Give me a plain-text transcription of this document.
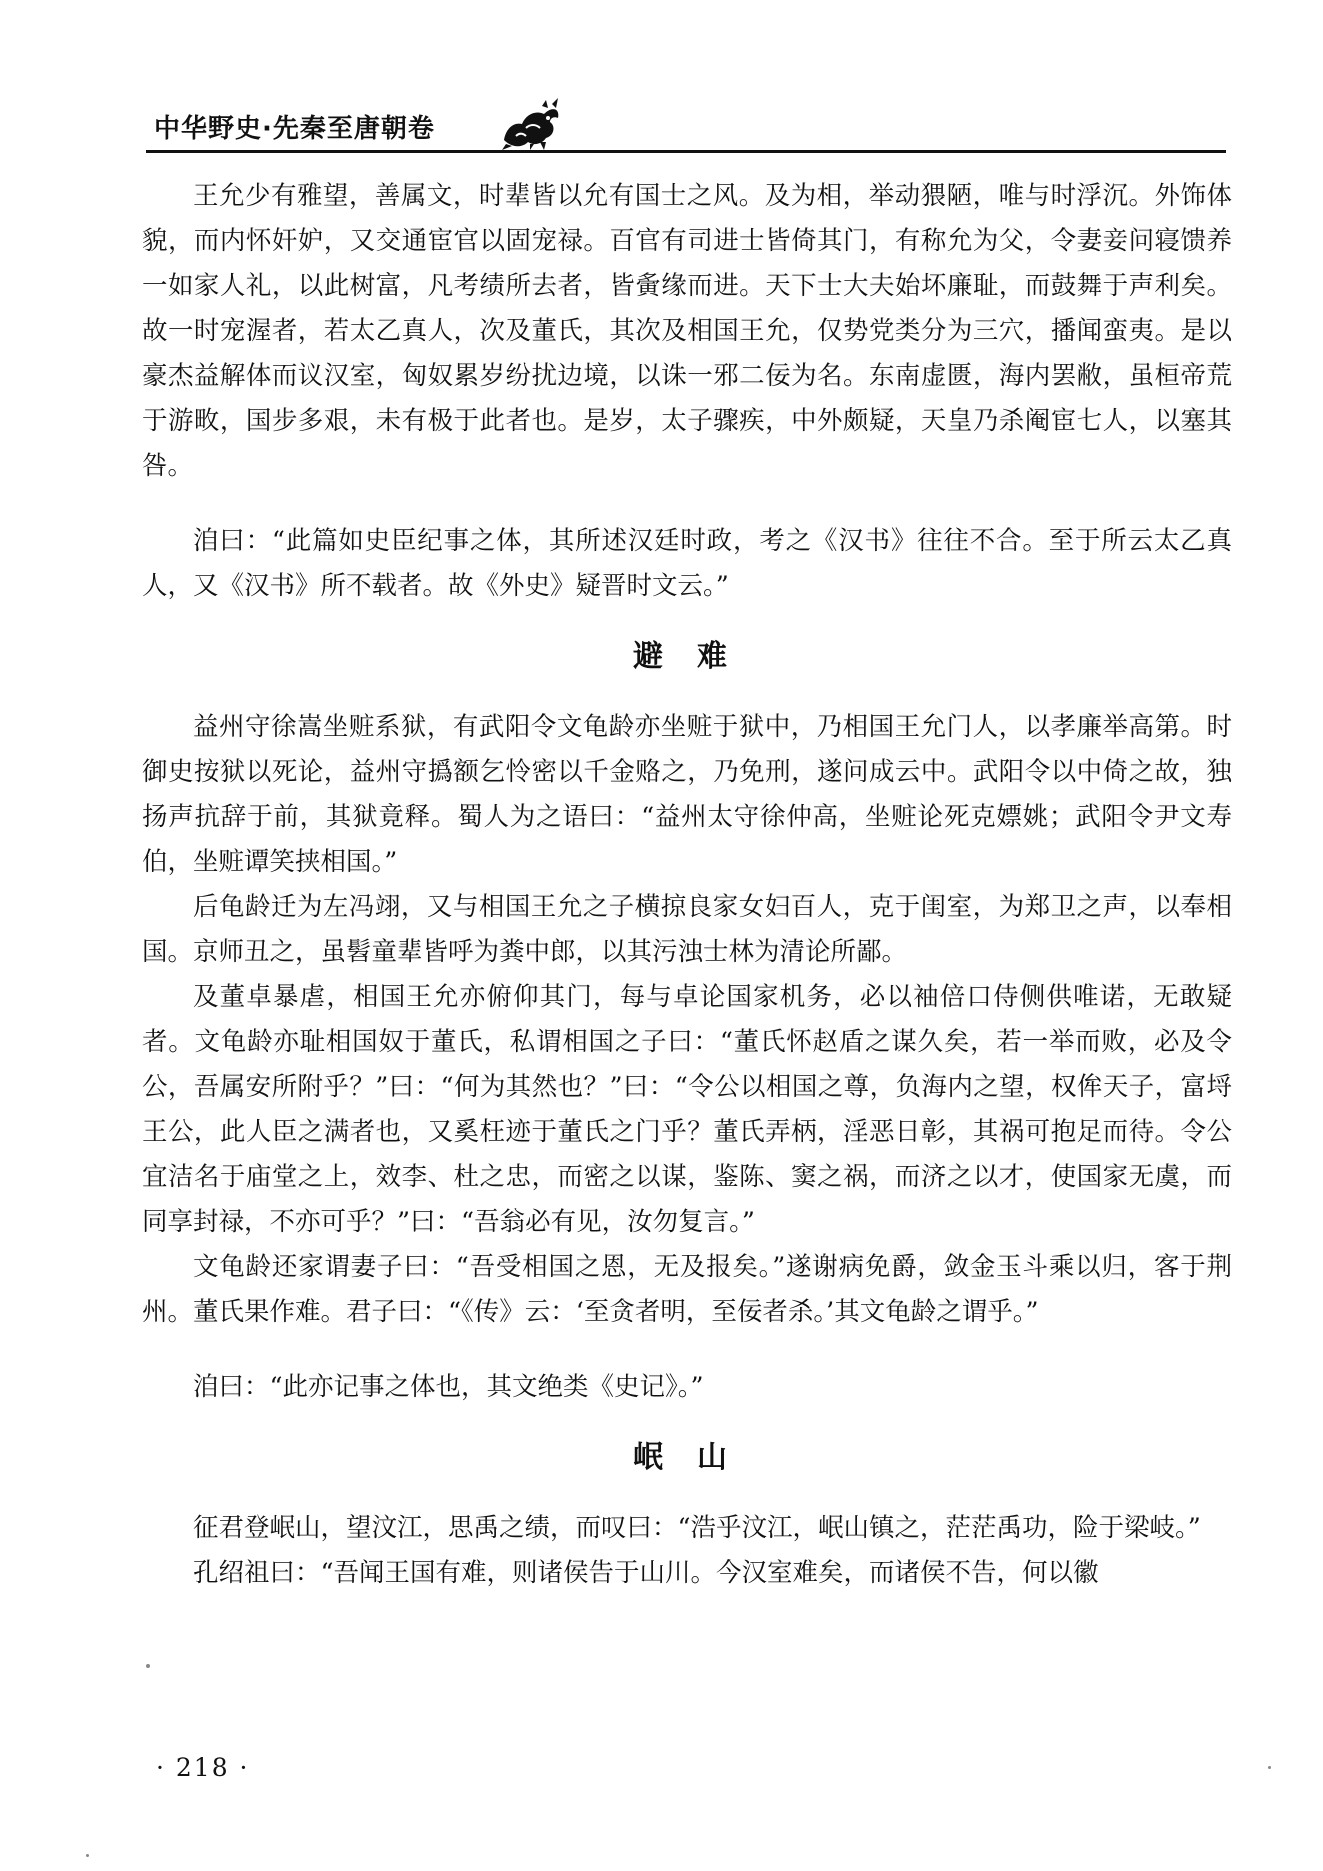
中华野史·先秦至唐朝卷

王允少有雅望，善属文，时辈皆以允有国士之风。及为相，举动猥陋，唯与时浮沉。外饰体貌，而内怀奸妒，又交通宦官以固宠禄。百官有司进士皆倚其门，有称允为父，令妻妾问寝馈养一如家人礼，以此树富，凡考绩所去者，皆夤缘而进。天下士大夫始坏廉耻，而鼓舞于声利矣。故一时宠渥者，若太乙真人，次及董氏，其次及相国王允，仅势党类分为三穴，播闻蛮夷。是以豪杰益解体而议汉室，匈奴累岁纷扰边境，以诛一邪二佞为名。东南虚匮，海内罢敝，虽桓帝荒于游畋，国步多艰，未有极于此者也。是岁，太子骤疾，中外颇疑，天皇乃杀阉宦七人，以塞其咎。

洎曰：“此篇如史臣纪事之体，其所述汉廷时政，考之《汉书》往往不合。至于所云太乙真人，又《汉书》所不载者。故《外史》疑晋时文云。”

避难

益州守徐嵩坐赃系狱，有武阳令文龟龄亦坐赃于狱中，乃相国王允门人，以孝廉举高第。时御史按狱以死论，益州守撝额乞怜密以千金赂之，乃免刑，遂问成云中。武阳令以中倚之故，独扬声抗辞于前，其狱竟释。蜀人为之语曰：“益州太守徐仲高，坐赃论死克嫖姚；武阳令尹文寿伯，坐赃谭笑挟相国。”

后龟龄迁为左冯翊，又与相国王允之子横掠良家女妇百人，克于闺室，为郑卫之声，以奉相国。京师丑之，虽髫童辈皆呼为粪中郎，以其污浊士林为清论所鄙。

及董卓暴虐，相国王允亦俯仰其门，每与卓论国家机务，必以袖倍口侍侧供唯诺，无敢疑者。文龟龄亦耻相国奴于董氏，私谓相国之子曰：“董氏怀赵盾之谋久矣，若一举而败，必及令公，吾属安所附乎？”曰：“何为其然也？”曰：“令公以相国之尊，负海内之望，权侔天子，富埒王公，此人臣之满者也，又奚枉迹于董氏之门乎？董氏弄柄，淫恶日彰，其祸可抱足而待。令公宜洁名于庙堂之上，效李、杜之忠，而密之以谋，鉴陈、窦之祸，而济之以才，使国家无虞，而同享封禄，不亦可乎？”曰：“吾翁必有见，汝勿复言。”

文龟龄还家谓妻子曰：“吾受相国之恩，无及报矣。”遂谢病免爵，敛金玉斗乘以归，客于荆州。董氏果作难。君子曰：“《传》云：‘至贪者明，至佞者杀。’其文龟龄之谓乎。”

洎曰：“此亦记事之体也，其文绝类《史记》。”

岷山

征君登岷山，望汶江，思禹之绩，而叹曰：“浩乎汶江，岷山镇之，茫茫禹功，险于梁岐。”

孔绍祖曰：“吾闻王国有难，则诸侯告于山川。今汉室难矣，而诸侯不告，何以徽

· 218 ·
